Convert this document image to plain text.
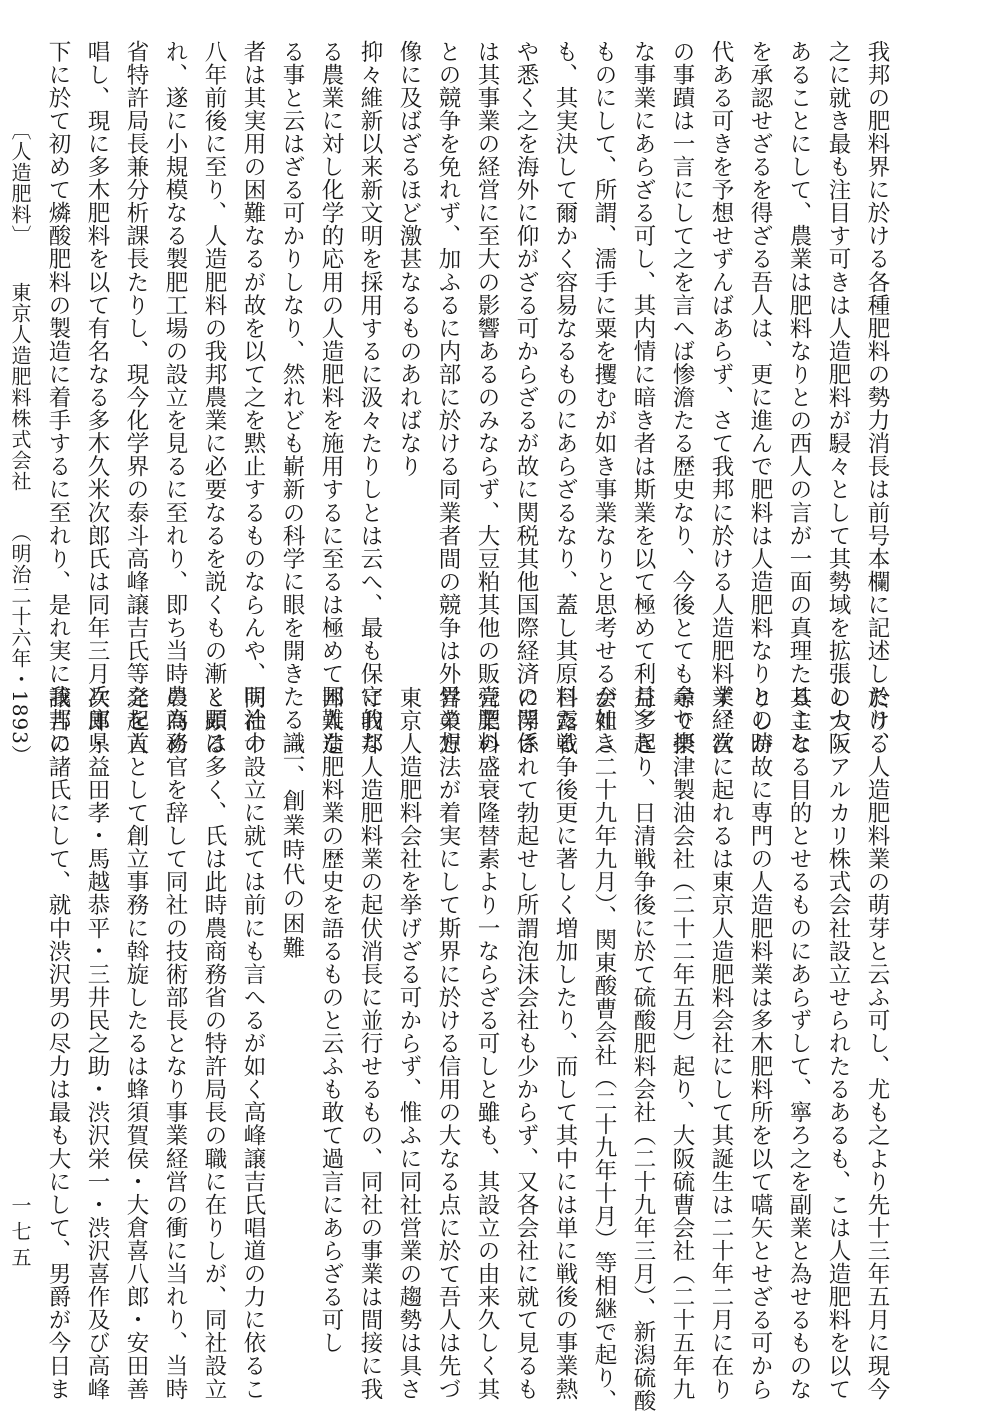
我邦の肥料界に於ける各種肥料の勢力消長は前号本欄に記述したり、
之に就き最も注目す可きは人造肥料が駸々として其勢域を拡張しつゝ
あることにして、農業は肥料なりとの西人の言が一面の真理たること
を承認せざるを得ざる吾人は、更に進んで肥料は人造肥料なりとの時
代ある可きを予想せずんばあらず、さて我邦に於ける人造肥料業経営
の事蹟は一言にして之を言へば惨澹たる歴史なり、今後とても余り楽
な事業にあらざる可し、其内情に暗き者は斯業を以て極めて利益多き
ものにして、所謂、濡手に粟を攫むが如き事業なりと思考せるが如き
も、其実決して爾かく容易なるものにあらざるなり、蓋し其原料たる
や悉く之を海外に仰がざる可からざるが故に関税其他国際経済の関係
は其事業の経営に至大の影響あるのみならず、大豆粕其他の販売肥料
との競争を免れず、加ふるに内部に於ける同業者間の競争は外界の想
像に及ばざるほど激甚なるものあればなり
抑々維新以来新文明を採用するに汲々たりしとは云へ、最も保守的な
る農業に対し化学的応用の人造肥料を施用するに至るは極めて困難な
る事と云はざる可かりしなり、然れども嶄新の科学に眼を開きたる識
者は其実用の困難なるが故を以て之を黙止するものならんや、明治十
八年前後に至り、人造肥料の我邦農業に必要なるを説くもの漸く顕は
れ、遂に小規模なる製肥工場の設立を見るに至れり、即ち当時農商務
省特許局長兼分析課長たりし、現今化学界の泰斗高峰譲吉氏等之を首
唱し、現に多木肥料を以て有名なる多木久米次郎氏は同年三月兵庫県
下に於て初めて燐酸肥料の製造に着手するに至れり、是れ実に我邦に
〔人造肥料〕東京人造肥料株式会社（明治二十六年・1893）
於ける人造肥料業の萌芽と云ふ可し、尤も之より先十三年五月に現今
の大阪アルカリ株式会社設立せられたるあるも、こは人造肥料を以て
其主なる目的とせるものにあらずして、寧ろ之を副業と為せるものな
りしが故に専門の人造肥料業は多木肥料所を以て嚆矢とせざる可から
ず、次に起れるは東京人造肥料会社にして其誕生は二十年二月に在り
尋で摂津製油会社（二十二年五月）起り、大阪硫曹会社（二十五年九
月）起り、日清戦争後に於て硫酸肥料会社（二十九年三月）、新潟硫酸
会社（二十九年九月）、関東酸曹会社（二十九年十月）等相継で起り、
日露戦争後更に著しく増加したり、而して其中には単に戦後の事業熱
に浮されて勃起せし所謂泡沫会社も少からず、又各会社に就て見るも
営業の盛衰隆替素より一ならざる可しと雖も、其設立の由来久しく其
営業方法が着実にして斯界に於ける信用の大なる点に於て吾人は先づ
東京人造肥料会社を挙げざる可からず、惟ふに同社営業の趨勢は具さ
に我邦人造肥料業の起伏消長に並行せるもの、同社の事業は間接に我
邦人造肥料業の歴史を語るものと云ふも敢て過言にあらざる可し
二、創業時代の困難
同社の設立に就ては前にも言へるが如く高峰譲吉氏唱道の力に依るこ
と頗る多く、氏は此時農商務省の特許局長の職に在りしが、同社設立
の為め官を辞して同社の技術部長となり事業経営の衝に当れり、当時
発起人として創立事務に斡旋したるは蜂須賀侯・大倉喜八郎・安田善
次郎・益田孝・馬越恭平・三井民之助・渋沢栄一・渋沢喜作及び高峰
譲吉の諸氏にして、就中渋沢男の尽力は最も大にして、男爵が今日ま
一七五
